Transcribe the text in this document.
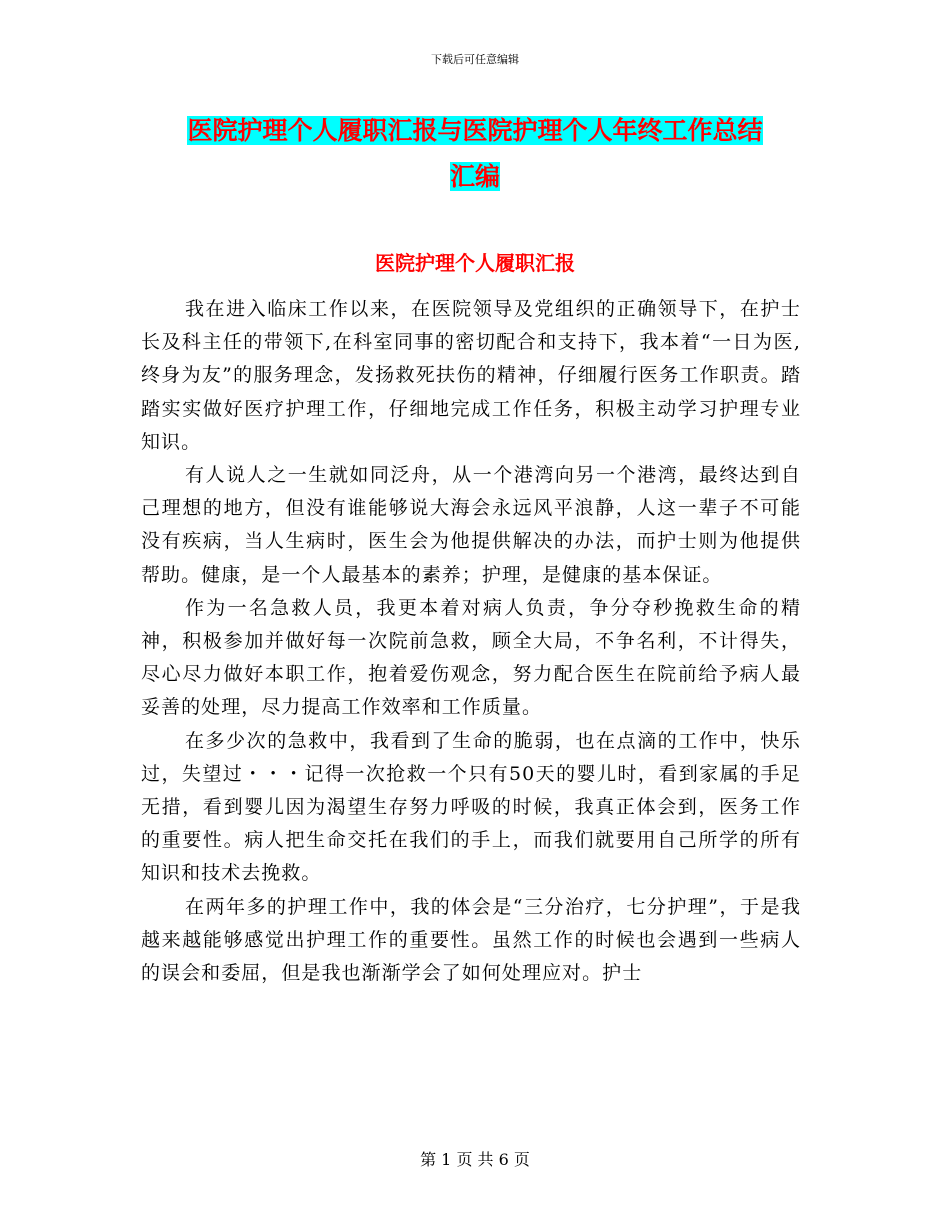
下载后可任意编辑
医院护理个人履职汇报与医院护理个人年终工作总结
汇编
医院护理个人履职汇报

我在进入临床工作以来，在医院领导及党组织的正确领导下，在护士长及科主任的带领下,在科室同事的密切配合和支持下，我本着“一日为医,终身为友”的服务理念，发扬救死扶伤的精神，仔细履行医务工作职责。踏踏实实做好医疗护理工作，仔细地完成工作任务，积极主动学习护理专业知识。

有人说人之一生就如同泛舟，从一个港湾向另一个港湾，最终达到自己理想的地方，但没有谁能够说大海会永远风平浪静，人这一辈子不可能没有疾病，当人生病时，医生会为他提供解决的办法，而护士则为他提供帮助。健康，是一个人最基本的素养；护理，是健康的基本保证。

作为一名急救人员，我更本着对病人负责，争分夺秒挽救生命的精神，积极参加并做好每一次院前急救，顾全大局，不争名利，不计得失，尽心尽力做好本职工作，抱着爱伤观念，努力配合医生在院前给予病人最妥善的处理，尽力提高工作效率和工作质量。

在多少次的急救中，我看到了生命的脆弱，也在点滴的工作中，快乐过，失望过・・・记得一次抢救一个只有50天的婴儿时，看到家属的手足无措，看到婴儿因为渴望生存努力呼吸的时候，我真正体会到，医务工作的重要性。病人把生命交托在我们的手上，而我们就要用自己所学的所有知识和技术去挽救。

在两年多的护理工作中，我的体会是“三分治疗，七分护理”，于是我越来越能够感觉出护理工作的重要性。虽然工作的时候也会遇到一些病人的误会和委屈，但是我也渐渐学会了如何处理应对。护士

第 1 页 共 6 页
